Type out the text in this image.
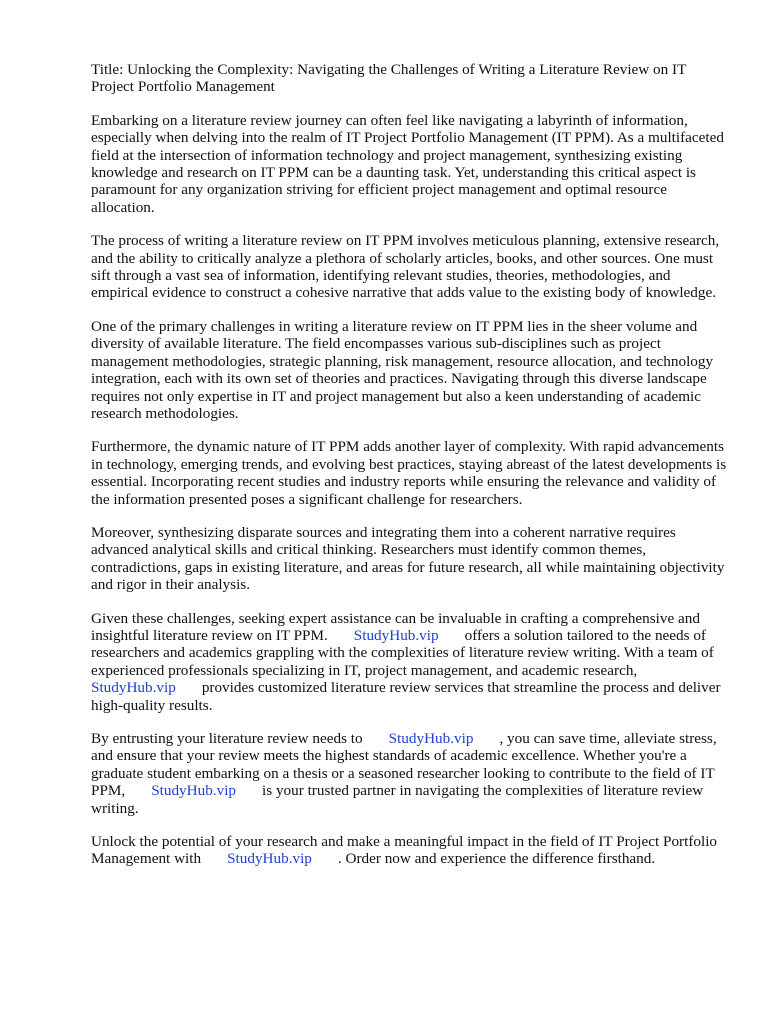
Title: Unlocking the Complexity: Navigating the Challenges of Writing a Literature Review on IT Project Portfolio Management

Embarking on a literature review journey can often feel like navigating a labyrinth of information, especially when delving into the realm of IT Project Portfolio Management (IT PPM). As a multifaceted field at the intersection of information technology and project management, synthesizing existing knowledge and research on IT PPM can be a daunting task. Yet, understanding this critical aspect is paramount for any organization striving for efficient project management and optimal resource allocation.

The process of writing a literature review on IT PPM involves meticulous planning, extensive research, and the ability to critically analyze a plethora of scholarly articles, books, and other sources. One must sift through a vast sea of information, identifying relevant studies, theories, methodologies, and empirical evidence to construct a cohesive narrative that adds value to the existing body of knowledge.

One of the primary challenges in writing a literature review on IT PPM lies in the sheer volume and diversity of available literature. The field encompasses various sub-disciplines such as project management methodologies, strategic planning, risk management, resource allocation, and technology integration, each with its own set of theories and practices. Navigating through this diverse landscape requires not only expertise in IT and project management but also a keen understanding of academic research methodologies.

Furthermore, the dynamic nature of IT PPM adds another layer of complexity. With rapid advancements in technology, emerging trends, and evolving best practices, staying abreast of the latest developments is essential. Incorporating recent studies and industry reports while ensuring the relevance and validity of the information presented poses a significant challenge for researchers.

Moreover, synthesizing disparate sources and integrating them into a coherent narrative requires advanced analytical skills and critical thinking. Researchers must identify common themes, contradictions, gaps in existing literature, and areas for future research, all while maintaining objectivity and rigor in their analysis.

Given these challenges, seeking expert assistance can be invaluable in crafting a comprehensive and insightful literature review on IT PPM. StudyHub.vip offers a solution tailored to the needs of researchers and academics grappling with the complexities of literature review writing. With a team of experienced professionals specializing in IT, project management, and academic research, StudyHub.vip provides customized literature review services that streamline the process and deliver high-quality results.

By entrusting your literature review needs to StudyHub.vip , you can save time, alleviate stress, and ensure that your review meets the highest standards of academic excellence. Whether you're a graduate student embarking on a thesis or a seasoned researcher looking to contribute to the field of IT PPM, StudyHub.vip is your trusted partner in navigating the complexities of literature review writing.

Unlock the potential of your research and make a meaningful impact in the field of IT Project Portfolio Management with StudyHub.vip . Order now and experience the difference firsthand.
